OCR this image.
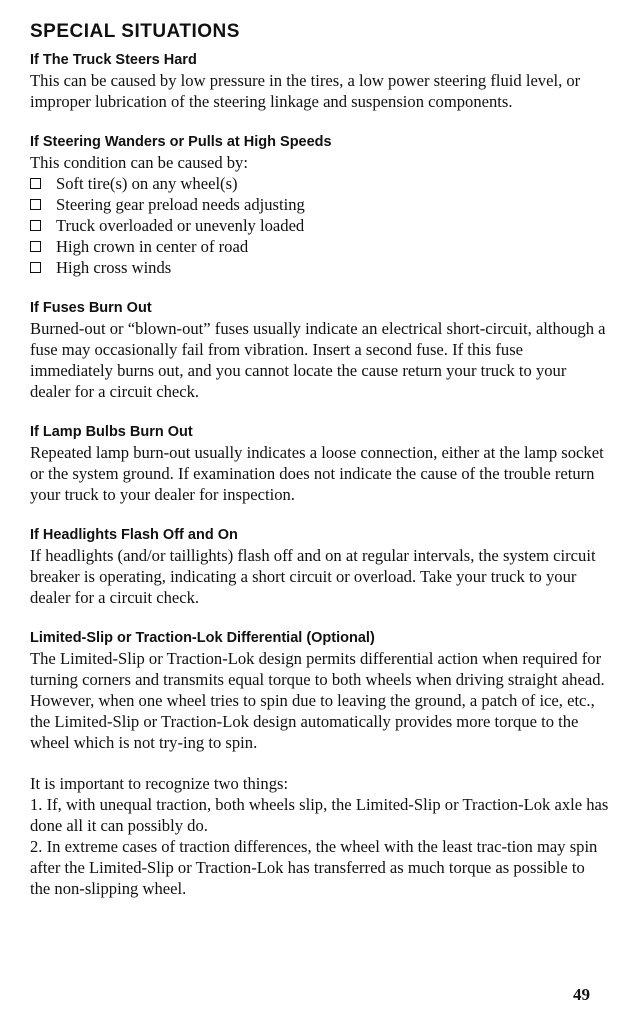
SPECIAL SITUATIONS
If The Truck Steers Hard

This can be caused by low pressure in the tires, a low power steering fluid level, or improper lubrication of the steering linkage and suspension components.

If Steering Wanders or Pulls at High Speeds

This condition can be caused by:

Soft tire(s) on any wheel(s)
Steering gear preload needs adjusting
Truck overloaded or unevenly loaded
High crown in center of road
High cross winds
If Fuses Burn Out

Burned-out or “blown-out” fuses usually indicate an electrical short-circuit, although a fuse may occasionally fail from vibration. Insert a second fuse. If this fuse immediately burns out, and you cannot locate the cause return your truck to your dealer for a circuit check.

If Lamp Bulbs Burn Out

Repeated lamp burn-out usually indicates a loose connection, either at the lamp socket or the system ground. If examination does not indicate the cause of the trouble return your truck to your dealer for inspection.

If Headlights Flash Off and On

If headlights (and/or taillights) flash off and on at regular intervals, the system circuit breaker is operating, indicating a short circuit or overload. Take your truck to your dealer for a circuit check.

Limited-Slip or Traction-Lok Differential (Optional)

The Limited-Slip or Traction-Lok design permits differential action when required for turning corners and transmits equal torque to both wheels when driving straight ahead. However, when one wheel tries to spin due to leaving the ground, a patch of ice, etc., the Limited-Slip or Traction-Lok design automatically provides more torque to the wheel which is not try-ing to spin.

It is important to recognize two things:

1. If, with unequal traction, both wheels slip, the Limited-Slip or Traction-Lok axle has done all it can possibly do.

2. In extreme cases of traction differences, the wheel with the least trac-tion may spin after the Limited-Slip or Traction-Lok has transferred as much torque as possible to the non-slipping wheel.

49
